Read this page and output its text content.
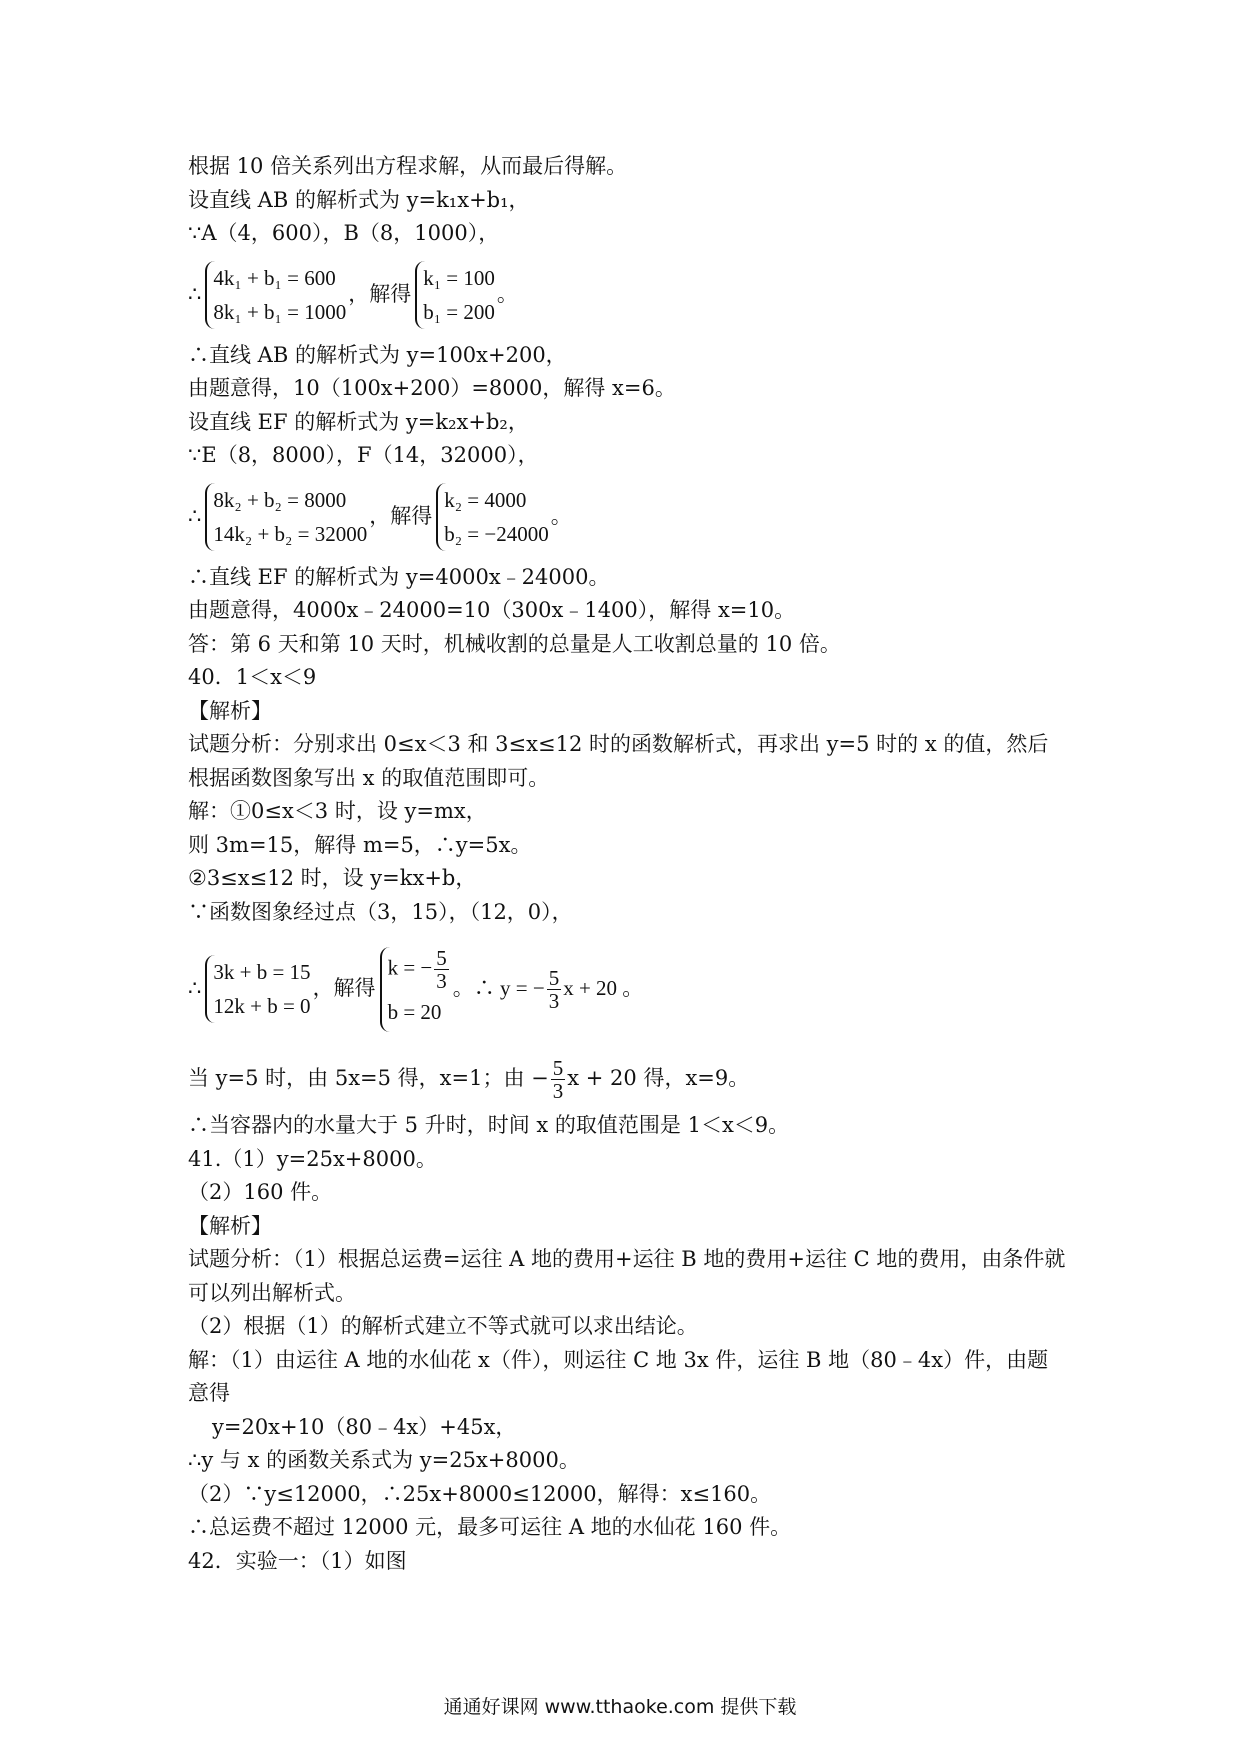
根据 10 倍关系列出方程求解，从而最后得解。
设直线 AB 的解析式为 y=k₁x+b₁，
∵A（4，600），B（8，1000），
∴
4k₁ + b₁ = 600
8k₁ + b₁ = 1000
，解得
k₁ = 100
b₁ = 200
。
∴直线 AB 的解析式为 y=100x+200，
由题意得，10（100x+200）=8000，解得 x=6。
设直线 EF 的解析式为 y=k₂x+b₂，
∵E（8，8000），F（14，32000），
∴
8k₂ + b₂ = 8000
14k₂ + b₂ = 32000
，解得
k₂ = 4000
b₂ = −24000
。
∴直线 EF 的解析式为 y=4000x﹣24000。
由题意得，4000x﹣24000=10（300x﹣1400），解得 x=10。
答：第 6 天和第 10 天时，机械收割的总量是人工收割总量的 10 倍。
40．1＜x＜9
【解析】
试题分析：分别求出 0≤x＜3 和 3≤x≤12 时的函数解析式，再求出 y=5 时的 x 的值，然后根据函数图象写出 x 的取值范围即可。
解：①0≤x＜3 时，设 y=mx，
则 3m=15，解得 m=5，∴y=5x。
②3≤x≤12 时，设 y=kx+b，
∵函数图象经过点（3，15），（12，0），
∴
3k + b = 15
12k + b = 0
，解得
k = − $\frac{5}{3}$
b = 20
。∴ y = − $\frac{5}{3}$ x + 20 。
当 y=5 时，由 5x=5 得，x=1；由 − $\frac{5}{3}$ x + 20 得，x=9。
∴当容器内的水量大于 5 升时，时间 x 的取值范围是 1＜x＜9。
41.（1）y=25x+8000。
（2）160 件。
【解析】
试题分析：（1）根据总运费=运往 A 地的费用+运往 B 地的费用+运往 C 地的费用，由条件就可以列出解析式。
（2）根据（1）的解析式建立不等式就可以求出结论。
解：（1）由运往 A 地的水仙花 x（件），则运往 C 地 3x 件，运往 B 地（80﹣4x）件，由题意得
y=20x+10（80﹣4x）+45x，
∴y 与 x 的函数关系式为 y=25x+8000。
（2）∵y≤12000，∴25x+8000≤12000，解得：x≤160。
∴总运费不超过 12000 元，最多可运往 A 地的水仙花 160 件。
42．实验一：（1）如图
通通好课网 www.tthaoke.com 提供下载
